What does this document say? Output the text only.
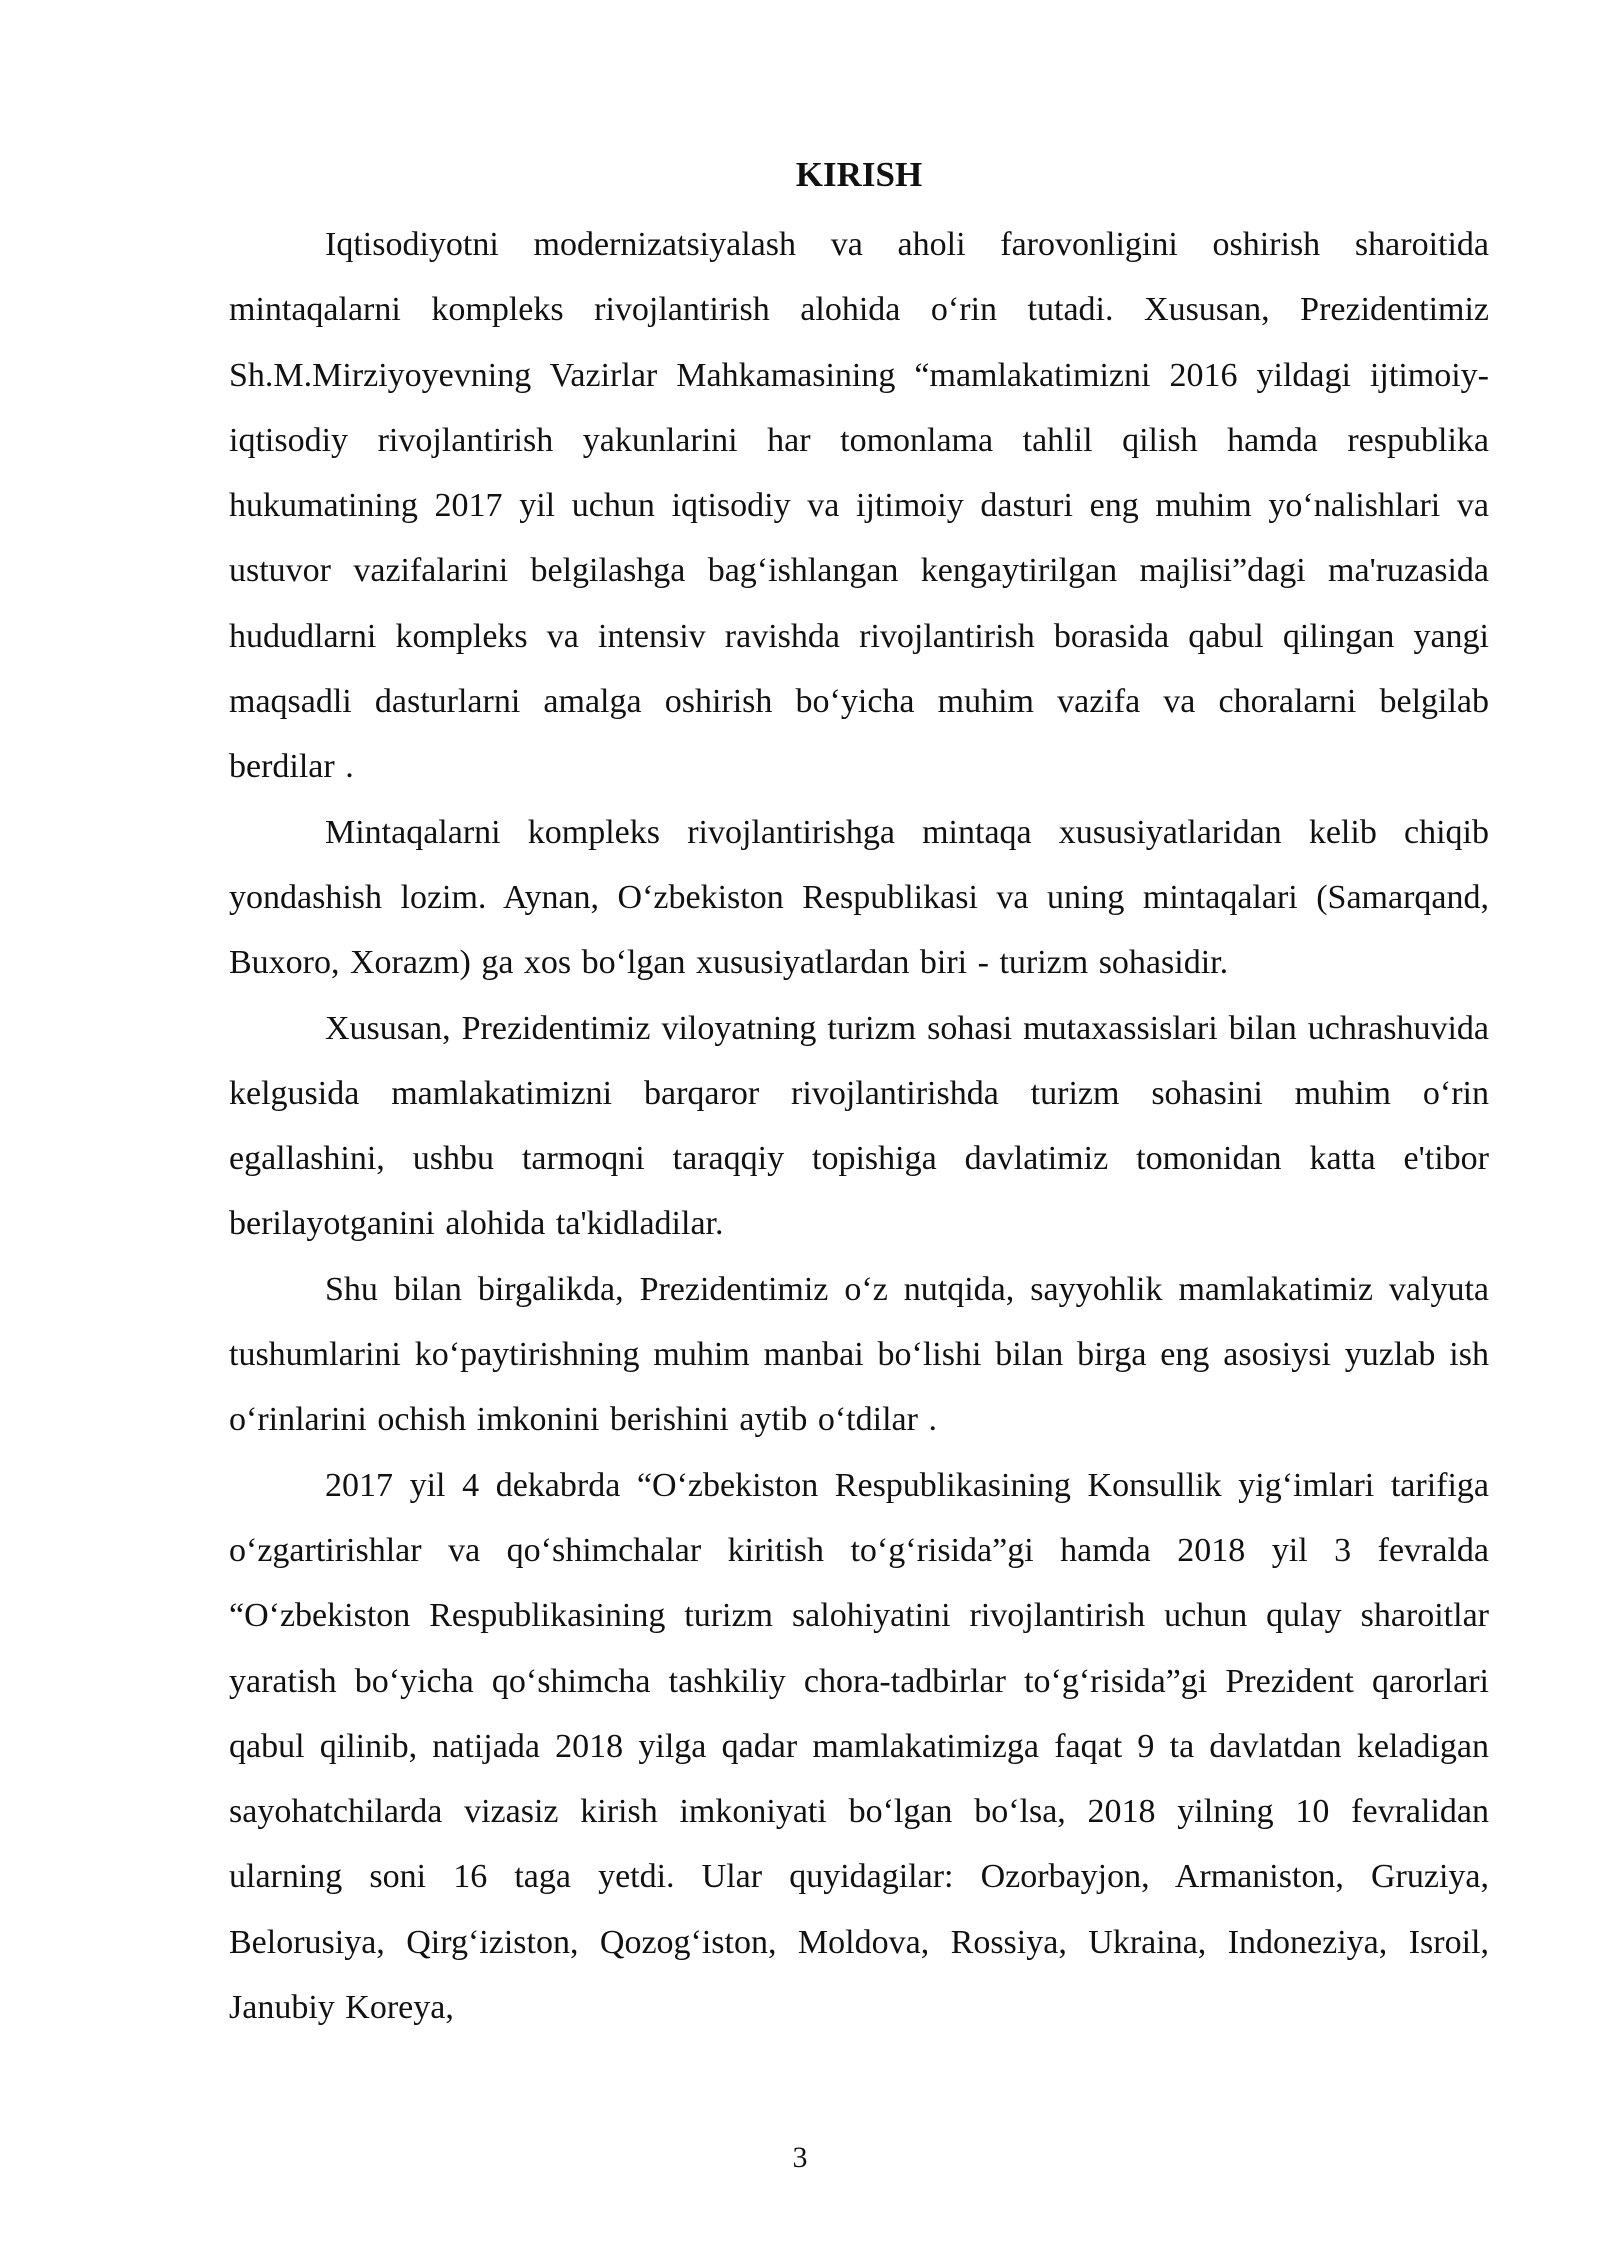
KIRISH

Iqtisodiyotni modernizatsiyalash va aholi farovonligini oshirish sharoitida mintaqalarni kompleks rivojlantirish alohida o‘rin tutadi. Xususan, Prezidentimiz Sh.M.Mirziyoyevning Vazirlar Mahkamasining “mamlakatimizni 2016 yildagi ijtimoiy-iqtisodiy rivojlantirish yakunlarini har tomonlama tahlil qilish hamda respublika hukumatining 2017 yil uchun iqtisodiy va ijtimoiy dasturi eng muhim yo‘nalishlari va ustuvor vazifalarini belgilashga bag‘ishlangan kengaytirilgan majlisi”dagi ma'ruzasida hududlarni kompleks va intensiv ravishda rivojlantirish borasida qabul qilingan yangi maqsadli dasturlarni amalga oshirish bo‘yicha muhim vazifa va choralarni belgilab berdilar .

Mintaqalarni kompleks rivojlantirishga mintaqa xususiyatlaridan kelib chiqib yondashish lozim. Aynan, O‘zbekiston Respublikasi va uning mintaqalari (Samarqand, Buxoro, Xorazm) ga xos bo‘lgan xususiyatlardan biri - turizm sohasidir.

Xususan, Prezidentimiz viloyatning turizm sohasi mutaxassislari bilan uchrashuvida kelgusida mamlakatimizni barqaror rivojlantirishda turizm sohasini muhim o‘rin egallashini, ushbu tarmoqni taraqqiy topishiga davlatimiz tomonidan katta e'tibor berilayotganini alohida ta'kidladilar.

Shu bilan birgalikda, Prezidentimiz o‘z nutqida, sayyohlik mamlakatimiz valyuta tushumlarini ko‘paytirishning muhim manbai bo‘lishi bilan birga eng asosiysi yuzlab ish o‘rinlarini ochish imkonini berishini aytib o‘tdilar .

2017 yil 4 dekabrda “O‘zbekiston Respublikasining Konsullik yig‘imlari tarifiga o‘zgartirishlar va qo‘shimchalar kiritish to‘g‘risida”gi hamda 2018 yil 3 fevralda “O‘zbekiston Respublikasining turizm salohiyatini rivojlantirish uchun qulay sharoitlar yaratish bo‘yicha qo‘shimcha tashkiliy chora-tadbirlar to‘g‘risida”gi Prezident qarorlari qabul qilinib, natijada 2018 yilga qadar mamlakatimizga faqat 9 ta davlatdan keladigan sayohatchilarda vizasiz kirish imkoniyati bo‘lgan bo‘lsa, 2018 yilning 10 fevralidan ularning soni 16 taga yetdi. Ular quyidagilar: Ozorbayjon, Armaniston, Gruziya, Belorusiya, Qirg‘iziston, Qozog‘iston, Moldova, Rossiya, Ukraina, Indoneziya, Isroil, Janubiy Koreya,

3
